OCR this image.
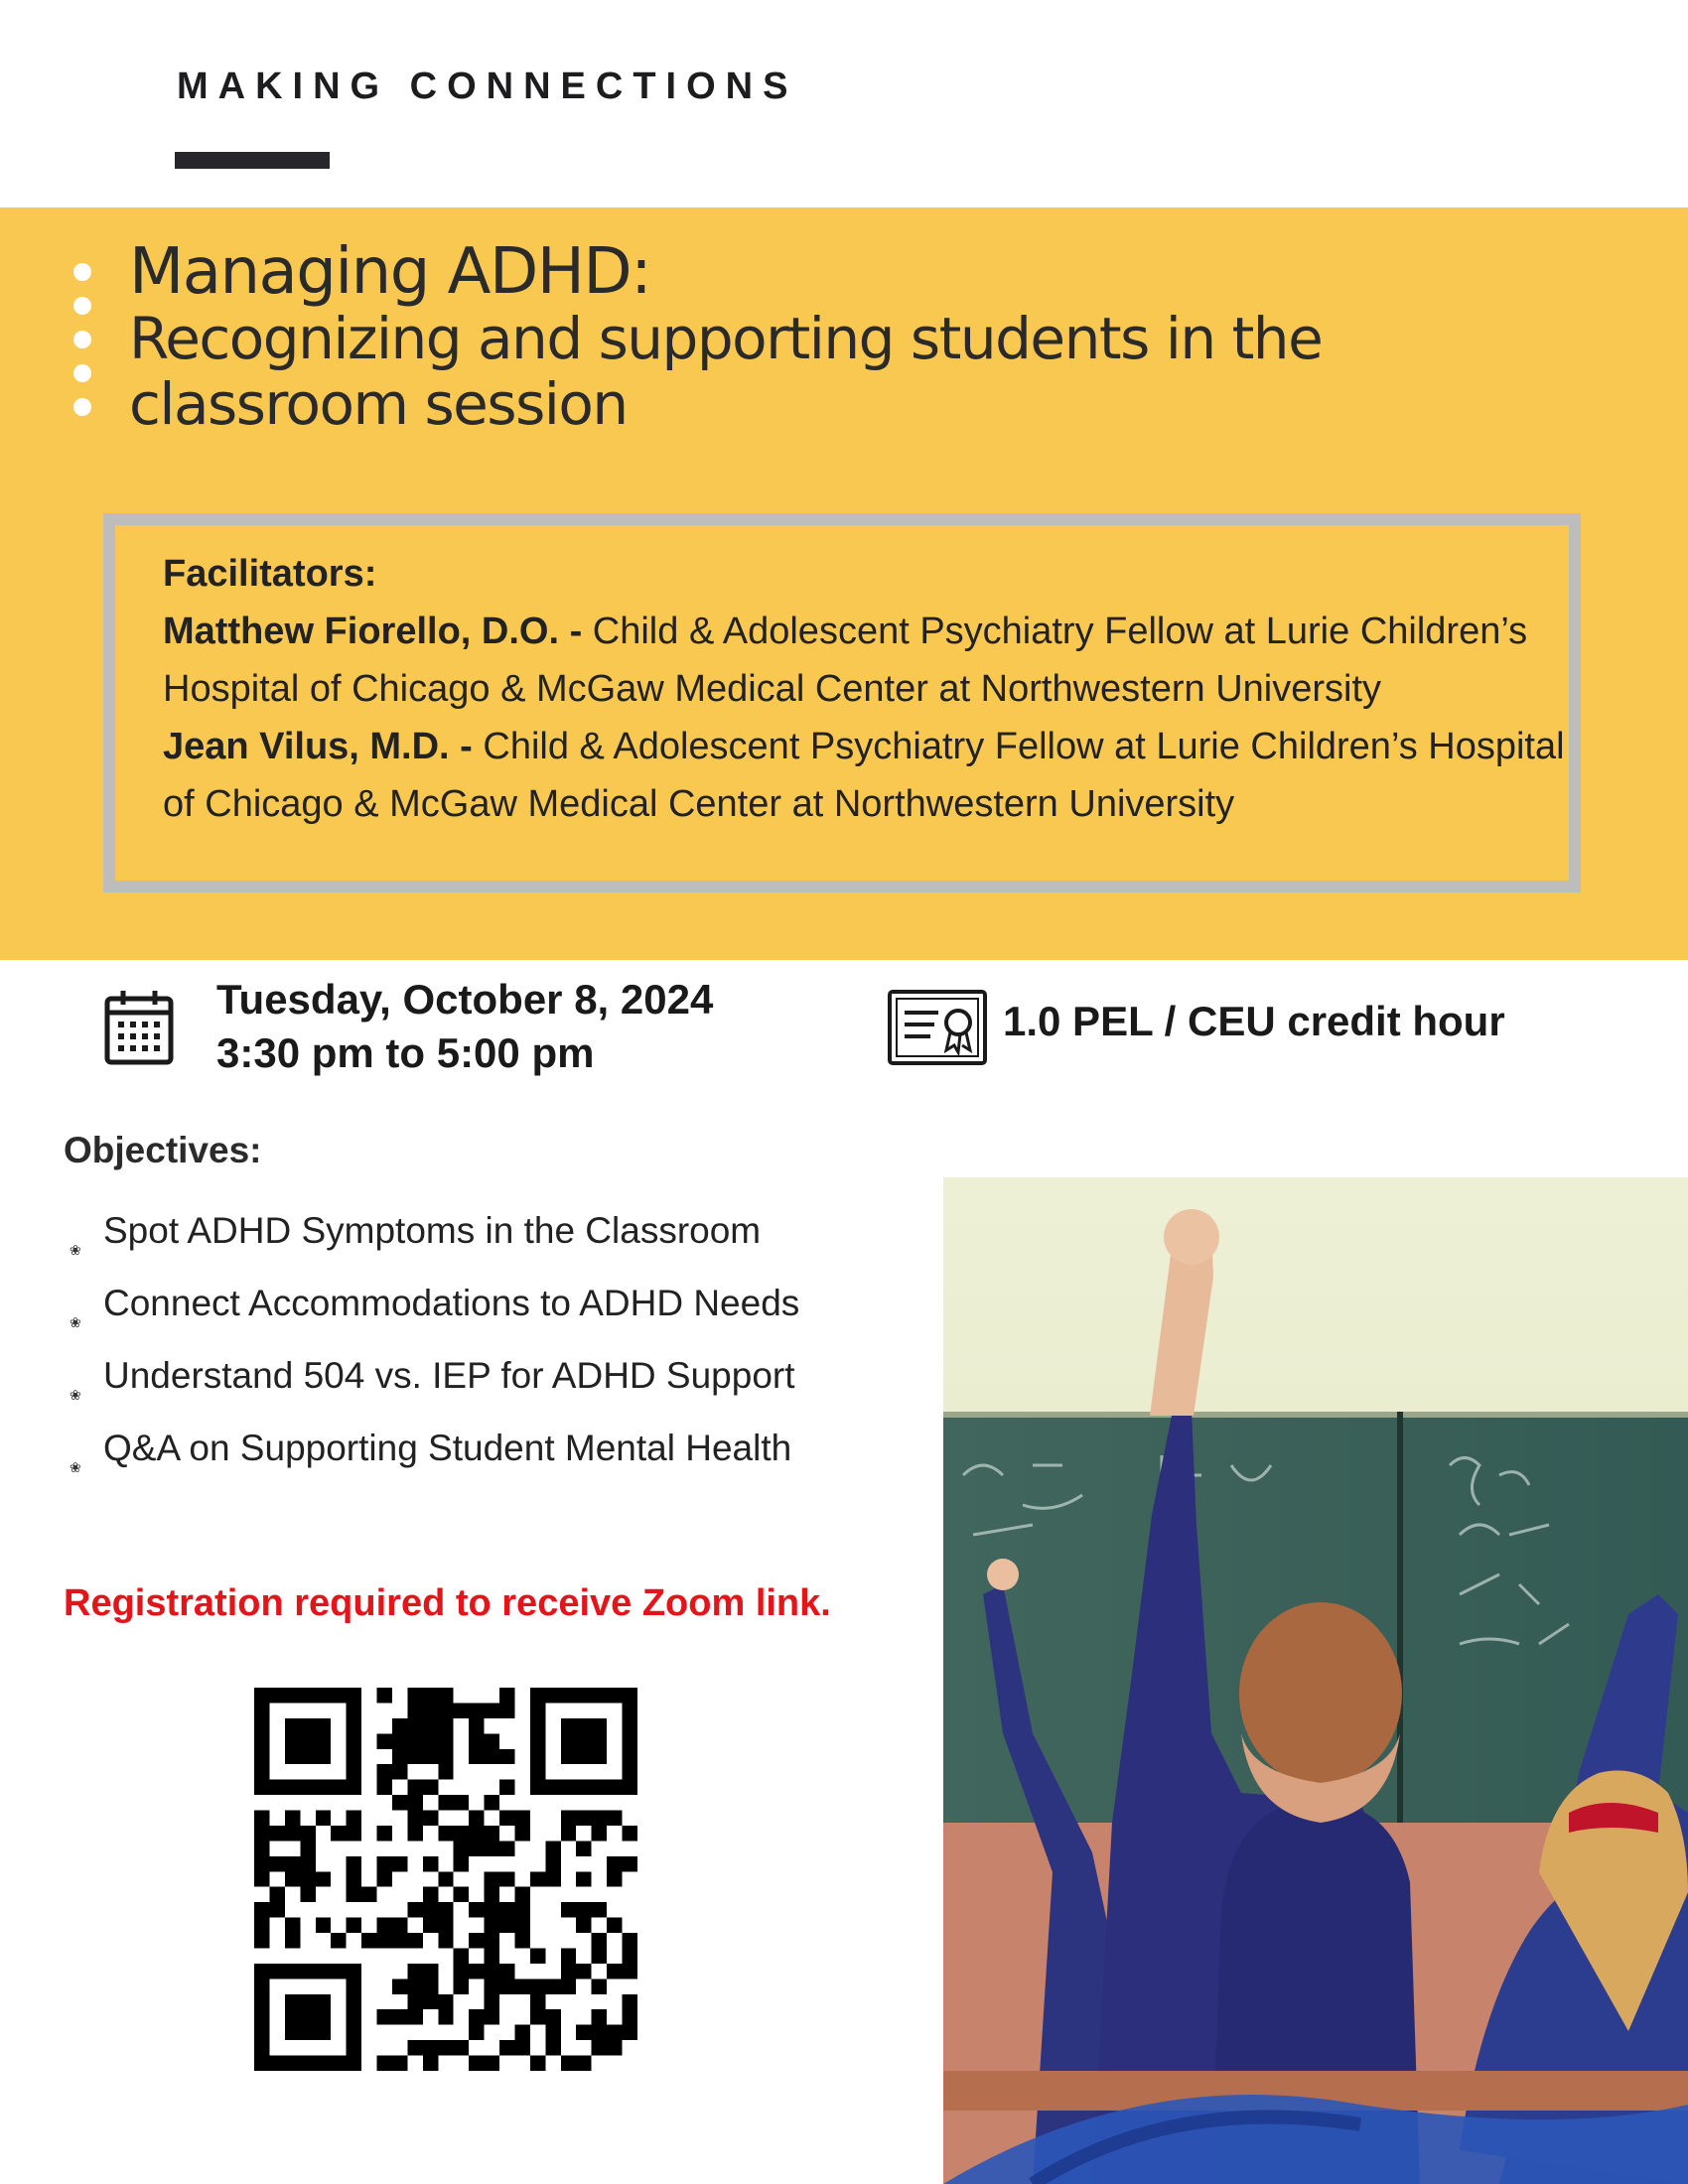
MAKING CONNECTIONS
Managing ADHD:
Recognizing and supporting students in the
classroom session
Facilitators:
Matthew Fiorello, D.O. - Child & Adolescent Psychiatry Fellow at Lurie Children’s Hospital of Chicago & McGaw Medical Center at Northwestern University
Jean Vilus, M.D. - Child & Adolescent Psychiatry Fellow at Lurie Children’s Hospital of Chicago & McGaw Medical Center at Northwestern University
Tuesday, October 8, 2024
3:30 pm to 5:00 pm
1.0 PEL / CEU credit hour
Objectives:
❀ Spot ADHD Symptoms in the Classroom
❀ Connect Accommodations to ADHD Needs
❀ Understand 504 vs. IEP for ADHD Support
❀ Q&A on Supporting Student Mental Health
Registration required to receive Zoom link.
